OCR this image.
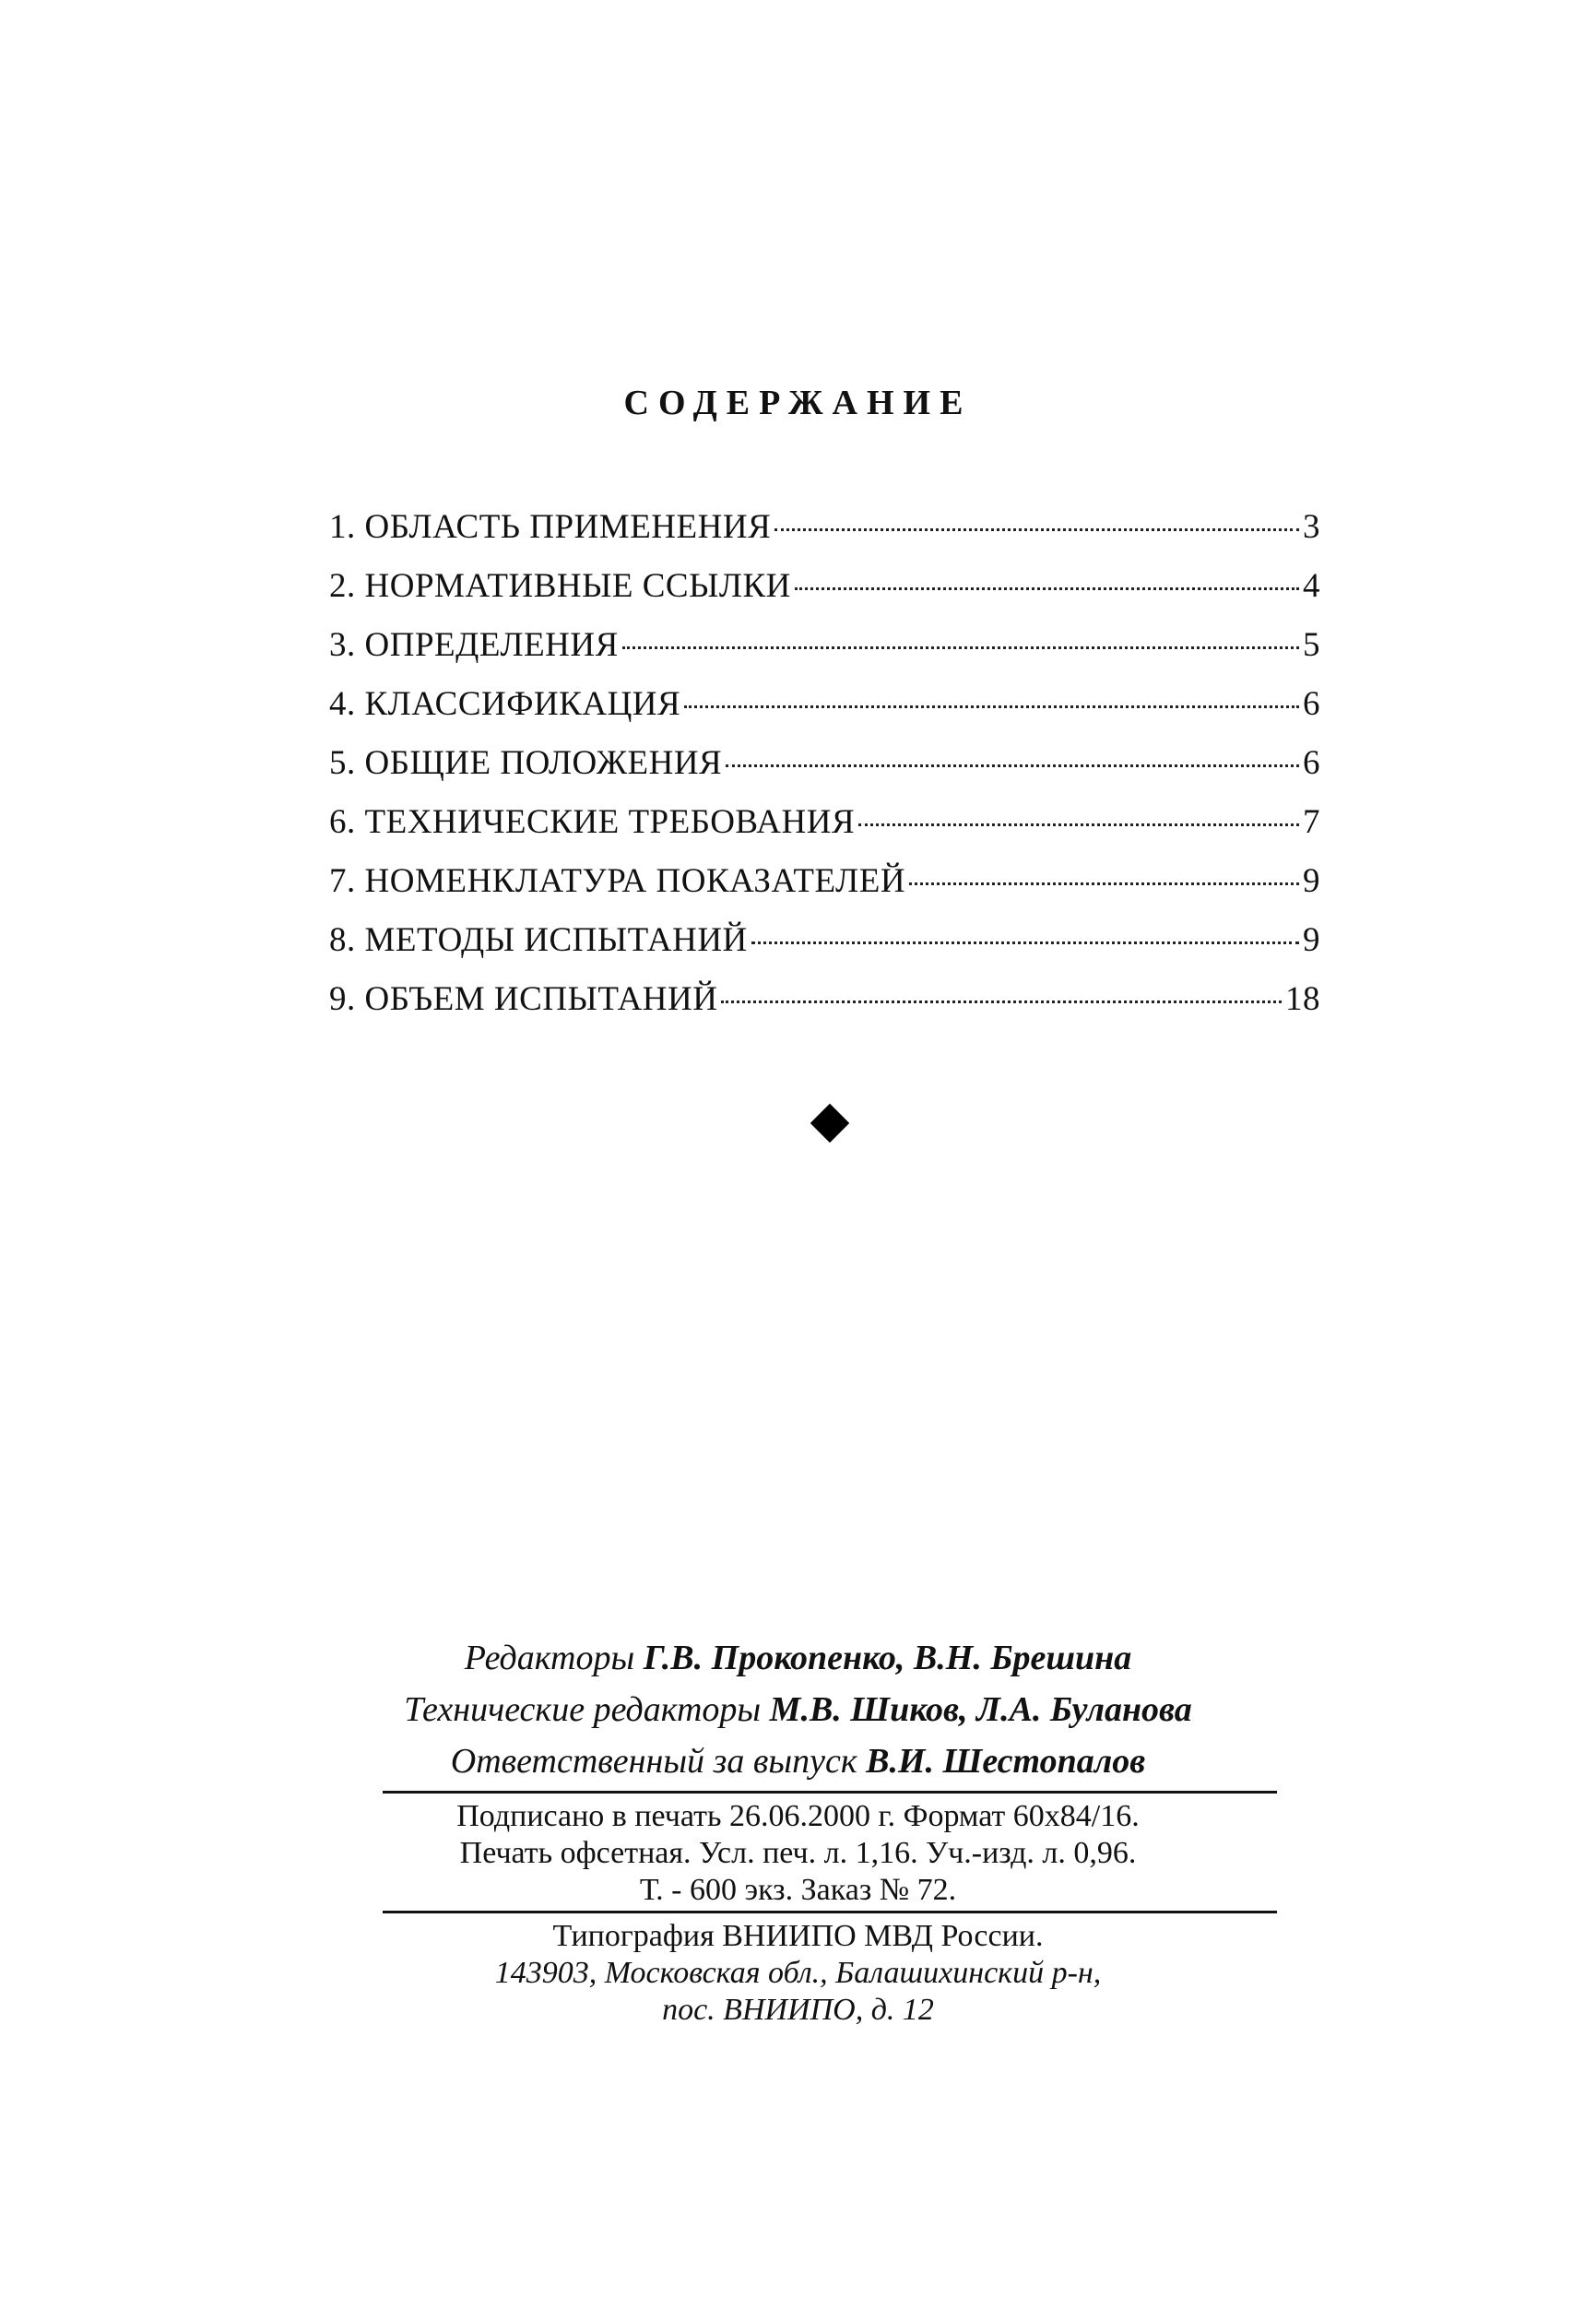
СОДЕРЖАНИЕ
1. ОБЛАСТЬ ПРИМЕНЕНИЯ	3
2. НОРМАТИВНЫЕ ССЫЛКИ	4
3. ОПРЕДЕЛЕНИЯ	5
4. КЛАССИФИКАЦИЯ	6
5. ОБЩИЕ ПОЛОЖЕНИЯ	6
6. ТЕХНИЧЕСКИЕ ТРЕБОВАНИЯ	7
7. НОМЕНКЛАТУРА ПОКАЗАТЕЛЕЙ	9
8. МЕТОДЫ ИСПЫТАНИЙ	9
9. ОБЪЕМ ИСПЫТАНИЙ	18
Редакторы Г.В. Прокопенко, В.Н. Брешина
Технические редакторы М.В. Шиков, Л.А. Буланова
Ответственный за выпуск В.И. Шестопалов
Подписано в печать 26.06.2000 г. Формат 60x84/16.
Печать офсетная. Усл. печ. л. 1,16. Уч.-изд. л. 0,96.
Т. - 600 экз. Заказ № 72.
Типография ВНИИПО МВД России.
143903, Московская обл., Балашихинский р-н,
пос. ВНИИПО, д. 12
